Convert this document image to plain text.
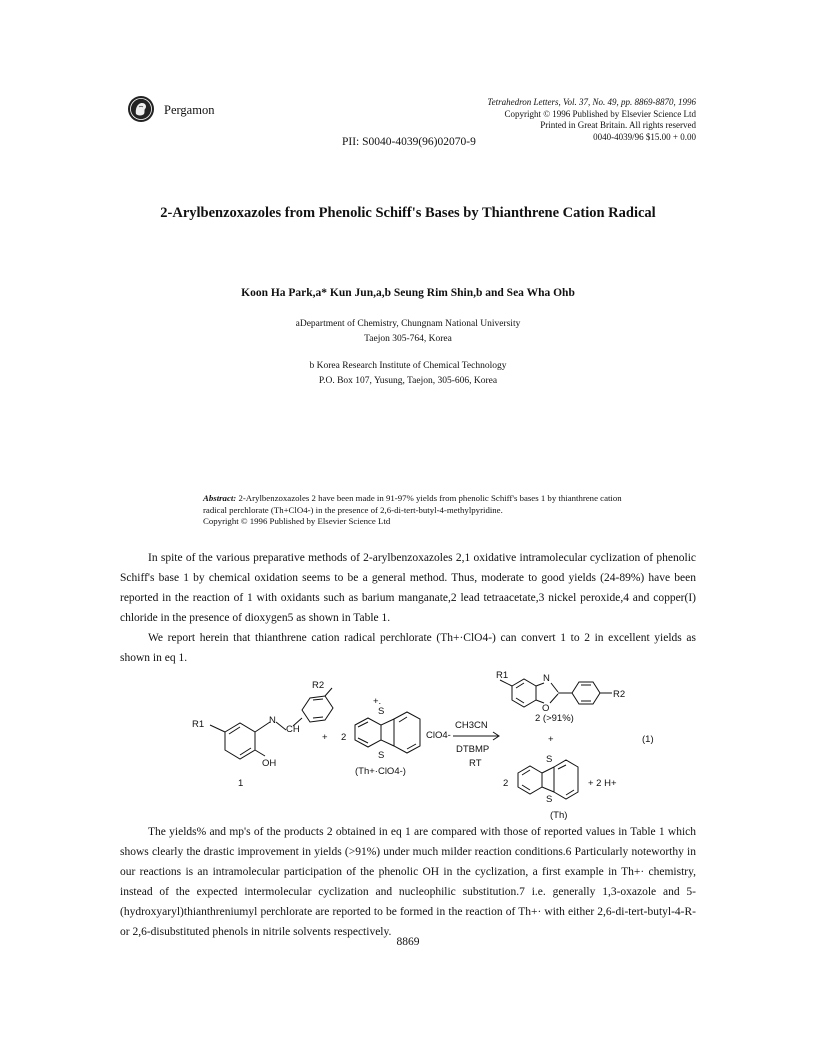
Pergamon
Tetrahedron Letters, Vol. 37, No. 49, pp. 8869-8870, 1996
Copyright © 1996 Published by Elsevier Science Ltd
Printed in Great Britain. All rights reserved
0040-4039/96 $15.00 + 0.00
PII: S0040-4039(96)02070-9
2-Arylbenzoxazoles from Phenolic Schiff's Bases by Thianthrene Cation Radical
Koon Ha Park,a* Kun Jun,a,b Seung Rim Shin,b and Sea Wha Ohb
aDepartment of Chemistry, Chungnam National University
Taejon 305-764, Korea
b Korea Research Institute of Chemical Technology
P.O. Box 107, Yusung, Taejon, 305-606, Korea
Abstract: 2-Arylbenzoxazoles 2 have been made in 91-97% yields from phenolic Schiff's bases 1 by thianthrene cation radical perchlorate (Th+ClO4-) in the presence of 2,6-di-tert-butyl-4-methylpyridine.
Copyright © 1996 Published by Elsevier Science Ltd

In spite of the various preparative methods of 2-arylbenzoxazoles 2,1 oxidative intramolecular cyclization of phenolic Schiff's base 1 by chemical oxidation seems to be a general method. Thus, moderate to good yields (24-89%) have been reported in the reaction of 1 with oxidants such as barium manganate,2 lead tetraacetate,3 nickel peroxide,4 and copper(I) chloride in the presence of dioxygen5 as shown in Table 1.

We report herein that thianthrene cation radical perchlorate (Th+·ClO4-) can convert 1 to 2 in excellent yields as shown in eq 1.

R1	N
CH
OH
R2
1
+ 2
S
+.
S
ClO4-
(Th+·ClO4-)
CH3CN
DTBMP
RT
R1	N
O
R2
2 (>91%)
+	(1)
2
S
S
+ 2 H+
(Th)

The yields% and mp's of the products 2 obtained in eq 1 are compared with those of reported values in Table 1 which shows clearly the drastic improvement in yields (>91%) under much milder reaction conditions.6 Particularly noteworthy in our reactions is an intramolecular participation of the phenolic OH in the cyclization, a first example in Th+· chemistry, instead of the expected intermolecular cyclization and nucleophilic substitution.7 i.e. generally 1,3-oxazole and 5-(hydroxyaryl)thianthreniumyl perchlorate are reported to be formed in the reaction of Th+· with either 2,6-di-tert-butyl-4-R- or 2,6-disubstituted phenols in nitrile solvents respectively.

8869
